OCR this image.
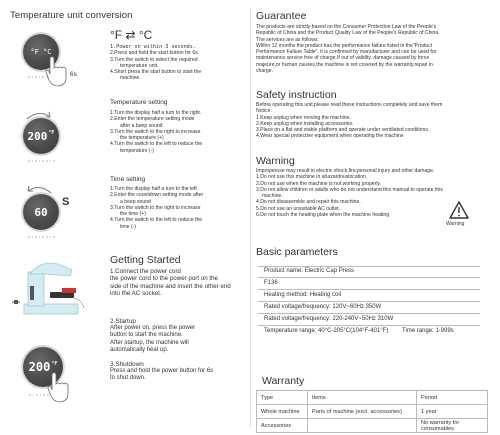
Temperature unit conversion
°F °C
6s
°F ⇄ °C
1.Power on within 3 seconds.
2.Press and hold the start button for 6s.
3.Turn the switch to select the required
temperature unit.
4.Short press the start button to start the
machine.
200 °F
Temperature setting
1.Turn the display half a turn to the right.
2.Enter the temperature setting mode
after a beep sound
3.Turn the switch to the right to increase
the temperature (+)
4.Turn the switch to the left to reduce the
temperature (-)
60
S
Time setting
1.Turn the display half a turn to the left
2.Enter the countdown setting mode after
a beep sound
3.Turn the switch to the right to increase
the time (+)
4.Turn the switch to the left to reduce the
time (-)
Getting Started
1.Connect the power cord
the power cord to the power port on the
side of the machine and insert the other end
into the AC socket.
2.Startup
After power on, press the power
button to start the machine.
After startup, the machine will
automatically heat up.
3.Shutdown
Press and hold the power button for 6s
to shut down.
200 °F
Guarantee
The products are strictly based on the Consumer Protection Law of the People's
Republic of China and the Product Quality Law of the People's Republic of China.
The services are as follows:
Within 12 months the product has the performance failure listed in the"Product
Performance Failure Table", it is confirmed by manufacturer and can be used for
maintenance service free of charge.If out of validity, damage caused by force
majeure,or human causes,the machine is not covered by the warranty,repair in
charge.
Safety instruction
Before operating this unit,please read these instructions completely and save them
Notice:
1.Keep unplug when moving the machine.
2.Keep unplug when installing accessories.
3.Place on a flat and stable platform and operate under ventilated conditions.
4.Wear special protective equipment when operating the machine
Warning
Improperuse may result in electric shock,fire,personal injury and other damage.
1.Do not use this machine in ahazardouslocation.
2.Do not use when the machine is not working properly.
3.Do not allow children or adults who do not understand this manual to operate this
machine.
4.Do not disassemble and repair this machine.
5.Do not use an unsuitable AC outlet.
6.Do not touch the heating plate when the machine heating
Warning
Basic parameters
Product name: Electric Cap Press
F136
Heating method: Heating coil
Rated voltage/frequency: 120V~60Hz 350W
Rated voltage/frequency: 220-240V~50Hz 310W
Temperature range: 40°C-205°C(104°F-401°F) Time range: 1-999s
Warranty
Type	Items	Period
Whole machine	Parts of machine (excl. accessories)	1 year
Accessories		No warranty for consumables
